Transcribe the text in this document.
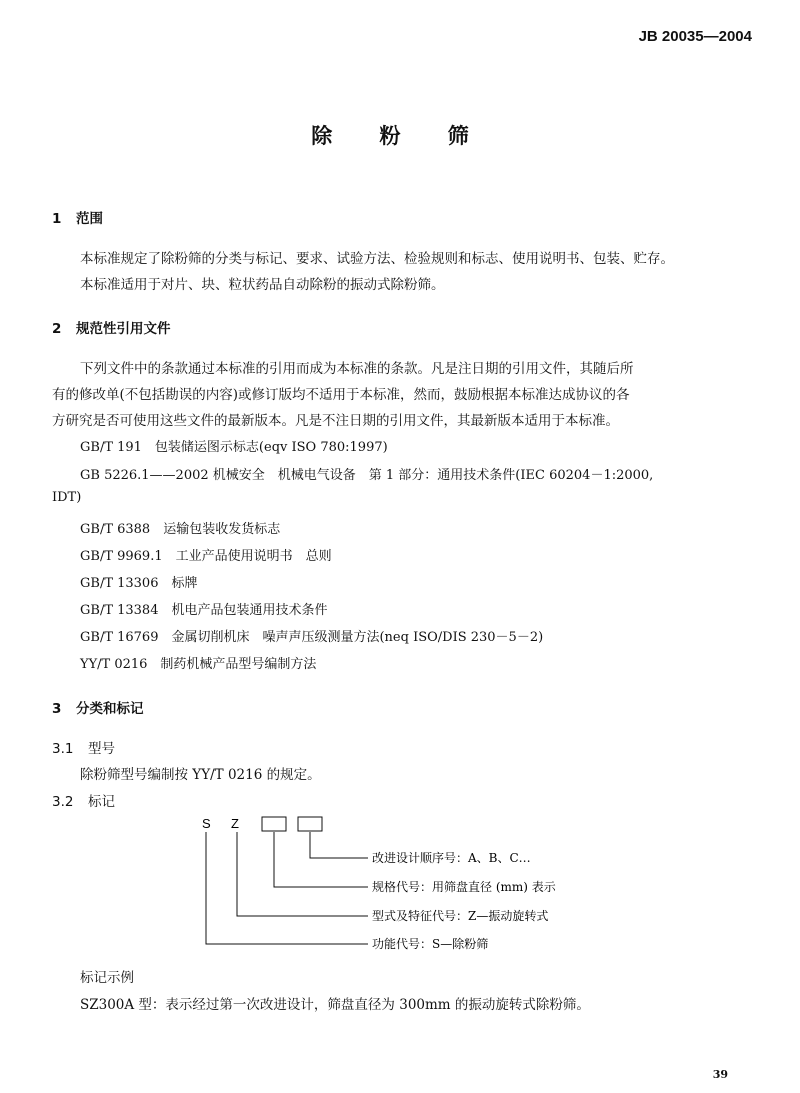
JB 20035—2004
除 粉 筛
1 范围
本标准规定了除粉筛的分类与标记、要求、试验方法、检验规则和标志、使用说明书、包装、贮存。
本标准适用于对片、块、粒状药品自动除粉的振动式除粉筛。
2 规范性引用文件
下列文件中的条款通过本标准的引用而成为本标准的条款。凡是注日期的引用文件，其随后所
有的修改单(不包括勘误的内容)或修订版均不适用于本标准，然而，鼓励根据本标准达成协议的各
方研究是否可使用这些文件的最新版本。凡是不注日期的引用文件，其最新版本适用于本标准。
GB/T 191　包装储运图示标志(eqv ISO 780:1997)
GB 5226.1——2002 机械安全　机械电气设备　第 1 部分：通用技术条件(IEC 60204－1:2000,
IDT)
GB/T 6388　运输包装收发货标志
GB/T 9969.1　工业产品使用说明书　总则
GB/T 13306　标牌
GB/T 13384　机电产品包装通用技术条件
GB/T 16769　金属切削机床　噪声声压级测量方法(neq ISO/DIS 230－5－2)
YY/T 0216　制药机械产品型号编制方法
3 分类和标记
3.1 型号
除粉筛型号编制按 YY/T 0216 的规定。
3.2 标记
S Z
改进设计顺序号：A、B、C…
规格代号：用筛盘直径 (mm) 表示
型式及特征代号：Z—振动旋转式
功能代号：S—除粉筛
标记示例
SZ300A 型：表示经过第一次改进设计，筛盘直径为 300mm 的振动旋转式除粉筛。
39
